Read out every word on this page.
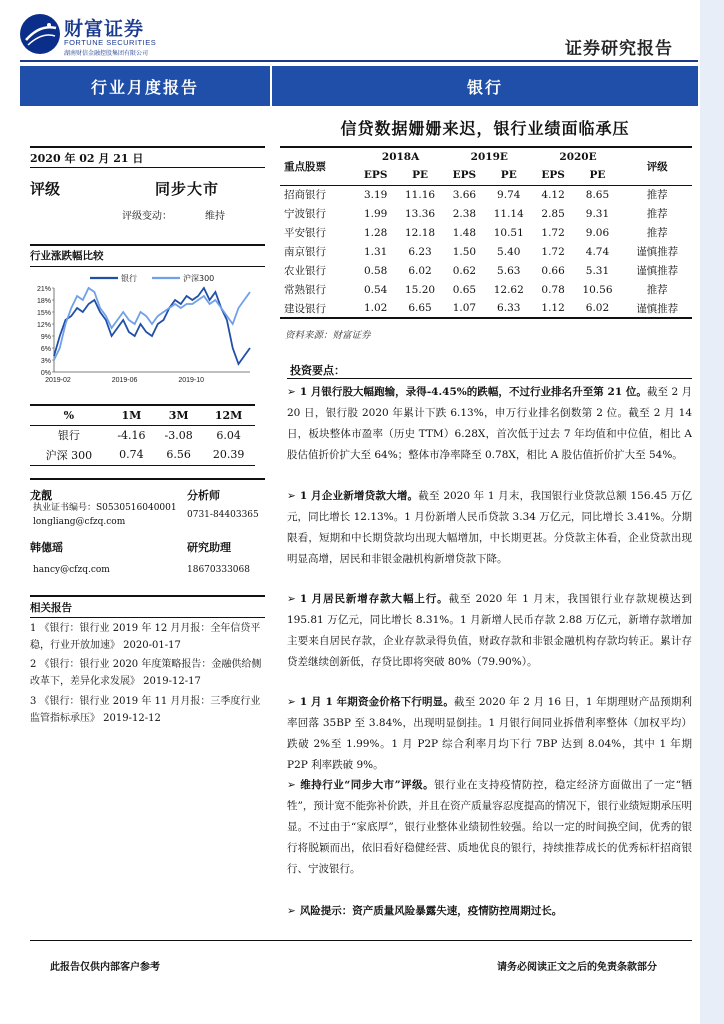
财富证券
FORTUNE SECURITIES
湖南财信金融控股集团有限公司	证券研究报告
行业月度报告	银行
信贷数据姗姗来迟，银行业绩面临承压
2020 年 02 月 21 日
评级	同步大市
评级变动：	维持
行业涨跌幅比较
21%
18%
15%
12%
9%
6%
3%
0%
2019-02	2019-06	2019-10
银行	沪深300
%	1M	3M	12M
银行	-4.16	-3.08	6.04
沪深 300	0.74	6.56	20.39
龙靓	分析师
执业证书编号：S0530516040001
longliang@cfzq.com
0731-84403365
韩僡瑶	研究助理
hancy@cfzq.com	18670333068
相关报告
1 《银行：银行业 2019 年 12 月月报：全年信贷平稳，行业开放加速》 2020-01-17
2 《银行：银行业 2020 年度策略报告：金融供给侧改革下，差异化求发展》 2019-12-17
3 《银行：银行业 2019 年 11 月月报：三季度行业监管指标承压》 2019-12-12
重点股票	2018A		2019E		2020E		评级
	EPS	PE	EPS	PE	EPS	PE	
招商银行	3.19	11.16	3.66	9.74	4.12	8.65	推荐
宁波银行	1.99	13.36	2.38	11.14	2.85	9.31	推荐
平安银行	1.28	12.18	1.48	10.51	1.72	9.06	推荐
南京银行	1.31	6.23	1.50	5.40	1.72	4.74	谨慎推荐
农业银行	0.58	6.02	0.62	5.63	0.66	5.31	谨慎推荐
常熟银行	0.54	15.20	0.65	12.62	0.78	10.56	推荐
建设银行	1.02	6.65	1.07	6.33	1.12	6.02	谨慎推荐
资料来源：财富证券
投资要点：
➢ 1 月银行股大幅跑输，录得-4.45%的跌幅，不过行业排名升至第 21 位。截至 2 月 20 日，银行股 2020 年累计下跌 6.13%，申万行业排名倒数第 2 位。截至 2 月 14 日，板块整体市盈率（历史 TTM）6.28X，首次低于过去 7 年均值和中位值，相比 A 股估值折价扩大至 64%；整体市净率降至 0.78X，相比 A 股估值折价扩大至 54%。
➢ 1 月企业新增贷款大增。截至 2020 年 1 月末，我国银行业贷款总额 156.45 万亿元，同比增长 12.13%。1 月份新增人民币贷款 3.34 万亿元，同比增长 3.41%。分期限看，短期和中长期贷款均出现大幅增加，中长期更甚。分贷款主体看，企业贷款出现明显高增，居民和非银金融机构新增贷款下降。
➢ 1 月居民新增存款大幅上行。截至 2020 年 1 月末，我国银行业存款规模达到 195.81 万亿元，同比增长 8.31%。1 月新增人民币存款 2.88 万亿元，新增存款增加主要来自居民存款，企业存款录得负值，财政存款和非银金融机构存款均转正。累计存贷差继续创新低，存贷比即将突破 80%（79.90%）。
➢ 1 月 1 年期资金价格下行明显。截至 2020 年 2 月 16 日，1 年期理财产品预期利率回落 35BP 至 3.84%，出现明显倒挂。1 月银行间同业拆借利率整体（加权平均）跌破 2%至 1.99%。1 月 P2P 综合利率月均下行 7BP 达到 8.04%，其中 1 年期 P2P 利率跌破 9%。
➢ 维持行业“同步大市”评级。银行业在支持疫情防控，稳定经济方面做出了一定“牺牲”，预计宽不能弥补价跌，并且在资产质量容忍度提高的情况下，银行业绩短期承压明显。不过由于“家底厚”，银行业整体业绩韧性较强。给以一定的时间换空间，优秀的银行将脱颖而出，依旧看好稳健经营、质地优良的银行，持续推荐成长的优秀标杆招商银行、宁波银行。
➢ 风险提示：资产质量风险暴露失速，疫情防控周期过长。
此报告仅供内部客户参考	请务必阅读正文之后的免责条款部分
